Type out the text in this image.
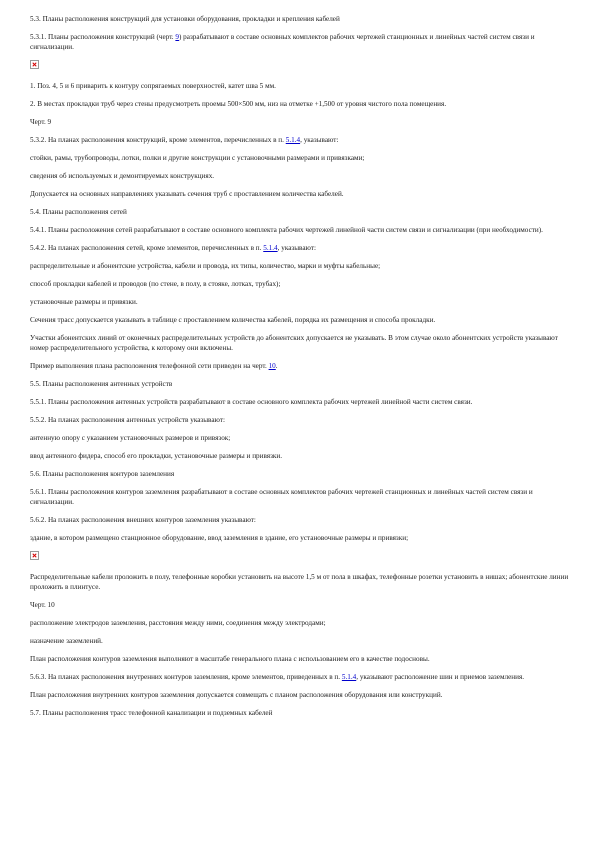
5.3. Планы расположения конструкций для установки оборудования, прокладки и крепления кабелей

5.3.1. Планы расположения конструкций (черт. 9) разрабатывают в составе основных комплектов рабочих чертежей станционных и линейных частей систем связи и сигнализации.

1. Поз. 4, 5 и 6 приварить к контуру сопрягаемых поверхностей, катет шва 5 мм.

2. В местах прокладки труб через стены предусмотреть проемы 500×500 мм, низ на отметке +1,500 от уровня чистого пола помещения.

Черт. 9

5.3.2. На планах расположения конструкций, кроме элементов, перечисленных в п. 5.1.4, указывают:

стойки, рамы, трубопроводы, лотки, полки и другие конструкции с установочными размерами и привязками;

сведения об используемых и демонтируемых конструкциях.

Допускается на основных направлениях указывать сечения труб с проставлением количества кабелей.

5.4. Планы расположения сетей

5.4.1. Планы расположения сетей разрабатывают в составе основного комплекта рабочих чертежей линейной части систем связи и сигнализации (при необходимости).

5.4.2. На планах расположения сетей, кроме элементов, перечисленных в п. 5.1.4, указывают:

распределительные и абонентские устройства, кабели и провода, их типы, количество, марки и муфты кабельные;

способ прокладки кабелей и проводов (по стене, в полу, в стояке, лотках, трубах);

установочные размеры и привязки.

Сечения трасс допускается указывать в таблице с проставлением количества кабелей, порядка их размещения и способа прокладки.

Участки абонентских линий от оконечных распределительных устройств до абонентских допускается не указывать. В этом случае около абонентских устройств указывают номер распределительного устройства, к которому они включены.

Пример выполнения плана расположения телефонной сети приведен на черт. 10.

5.5. Планы расположения антенных устройств

5.5.1. Планы расположения антенных устройств разрабатывают в составе основного комплекта рабочих чертежей линейной части систем связи.

5.5.2. На планах расположения антенных устройств указывают:

антенную опору с указанием установочных размеров и привязок;

ввод антенного фидера, способ его прокладки, установочные размеры и привязки.

5.6. Планы расположения контуров заземления

5.6.1. Планы расположения контуров заземления разрабатывают в составе основных комплектов рабочих чертежей станционных и линейных частей систем связи и сигнализации.

5.6.2. На планах расположения внешних контуров заземления указывают:

здание, в котором размещено станционное оборудование, ввод заземления в здание, его установочные размеры и привязки;

Распределительные кабели проложить в полу, телефонные коробки установить на высоте 1,5 м от пола в шкафах, телефонные розетки установить в нишах; абонентские линии проложить в плинтусе.

Черт. 10

расположение электродов заземления, расстояния между ними, соединения между электродами;

назначение заземлений.

План расположения контуров заземления выполняют в масштабе генерального плана с использованием его в качестве подосновы.

5.6.3. На планах расположения внутренних контуров заземления, кроме элементов, приведенных в п. 5.1.4, указывают расположение шин и приемов заземления.

План расположения внутренних контуров заземления допускается совмещать с планом расположения оборудования или конструкций.

5.7. Планы расположения трасс телефонной канализации и подземных кабелей
